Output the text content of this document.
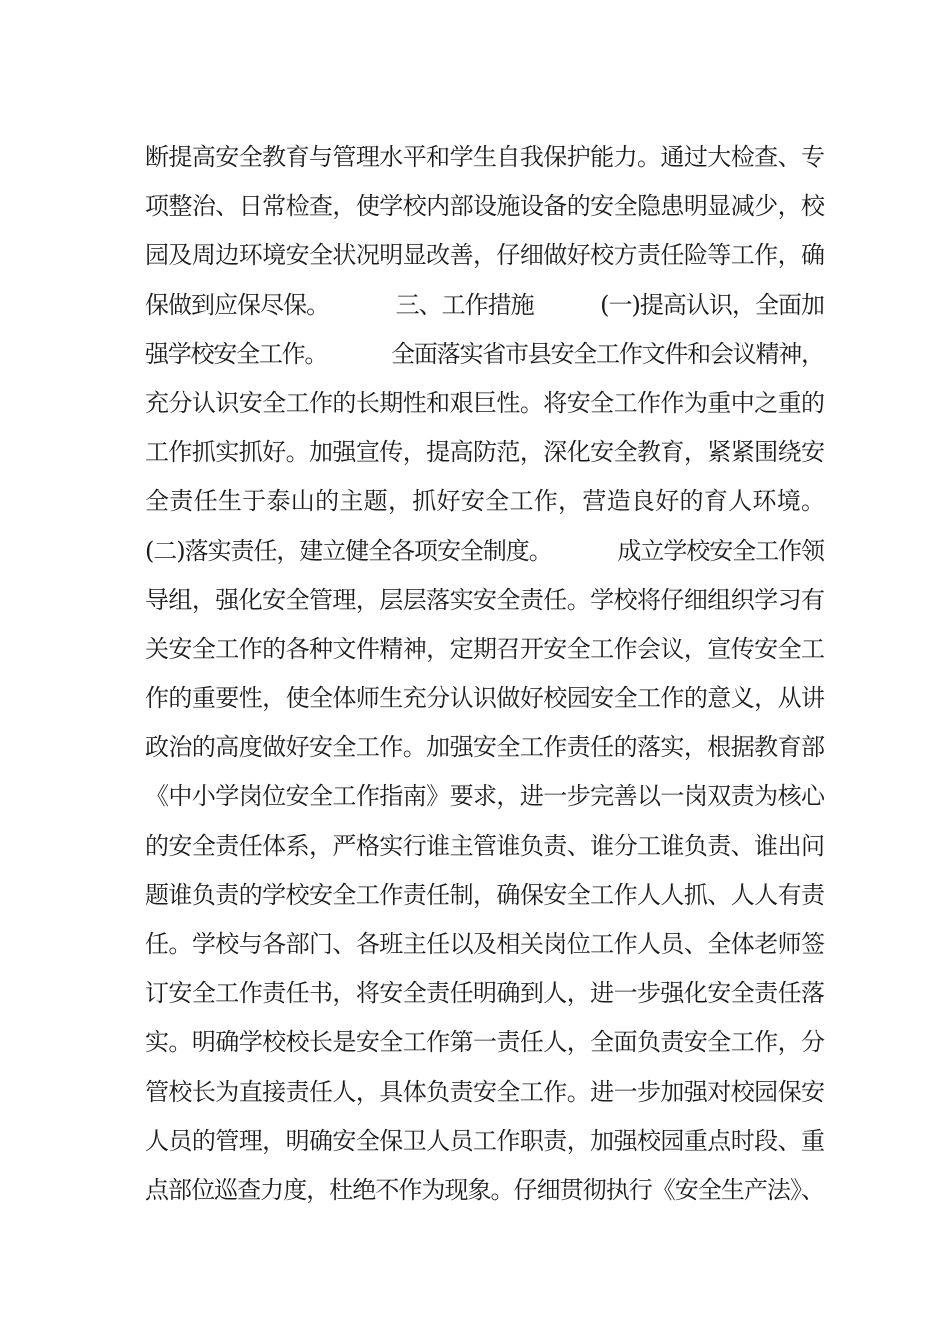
断提高安全教育与管理水平和学生自我保护能力。通过大检查、专
项整治、日常检查，使学校内部设施设备的安全隐患明显减少，校
园及周边环境安全状况明显改善，仔细做好校方责任险等工作，确
保做到应保尽保。          三、工作措施          (一)提高认识，全面加
强学校安全工作。          全面落实省市县安全工作文件和会议精神，
充分认识安全工作的长期性和艰巨性。将安全工作作为重中之重的
工作抓实抓好。加强宣传，提高防范，深化安全教育，紧紧围绕安
全责任生于泰山的主题，抓好安全工作，营造良好的育人环境。
(二)落实责任，建立健全各项安全制度。          成立学校安全工作领
导组，强化安全管理，层层落实安全责任。学校将仔细组织学习有
关安全工作的各种文件精神，定期召开安全工作会议，宣传安全工
作的重要性，使全体师生充分认识做好校园安全工作的意义，从讲
政治的高度做好安全工作。加强安全工作责任的落实，根据教育部
《中小学岗位安全工作指南》要求，进一步完善以一岗双责为核心
的安全责任体系，严格实行谁主管谁负责、谁分工谁负责、谁出问
题谁负责的学校安全工作责任制，确保安全工作人人抓、人人有责
任。学校与各部门、各班主任以及相关岗位工作人员、全体老师签
订安全工作责任书，将安全责任明确到人，进一步强化安全责任落
实。明确学校校长是安全工作第一责任人，全面负责安全工作，分
管校长为直接责任人，具体负责安全工作。进一步加强对校园保安
人员的管理，明确安全保卫人员工作职责，加强校园重点时段、重
点部位巡查力度，杜绝不作为现象。仔细贯彻执行《安全生产法》、
